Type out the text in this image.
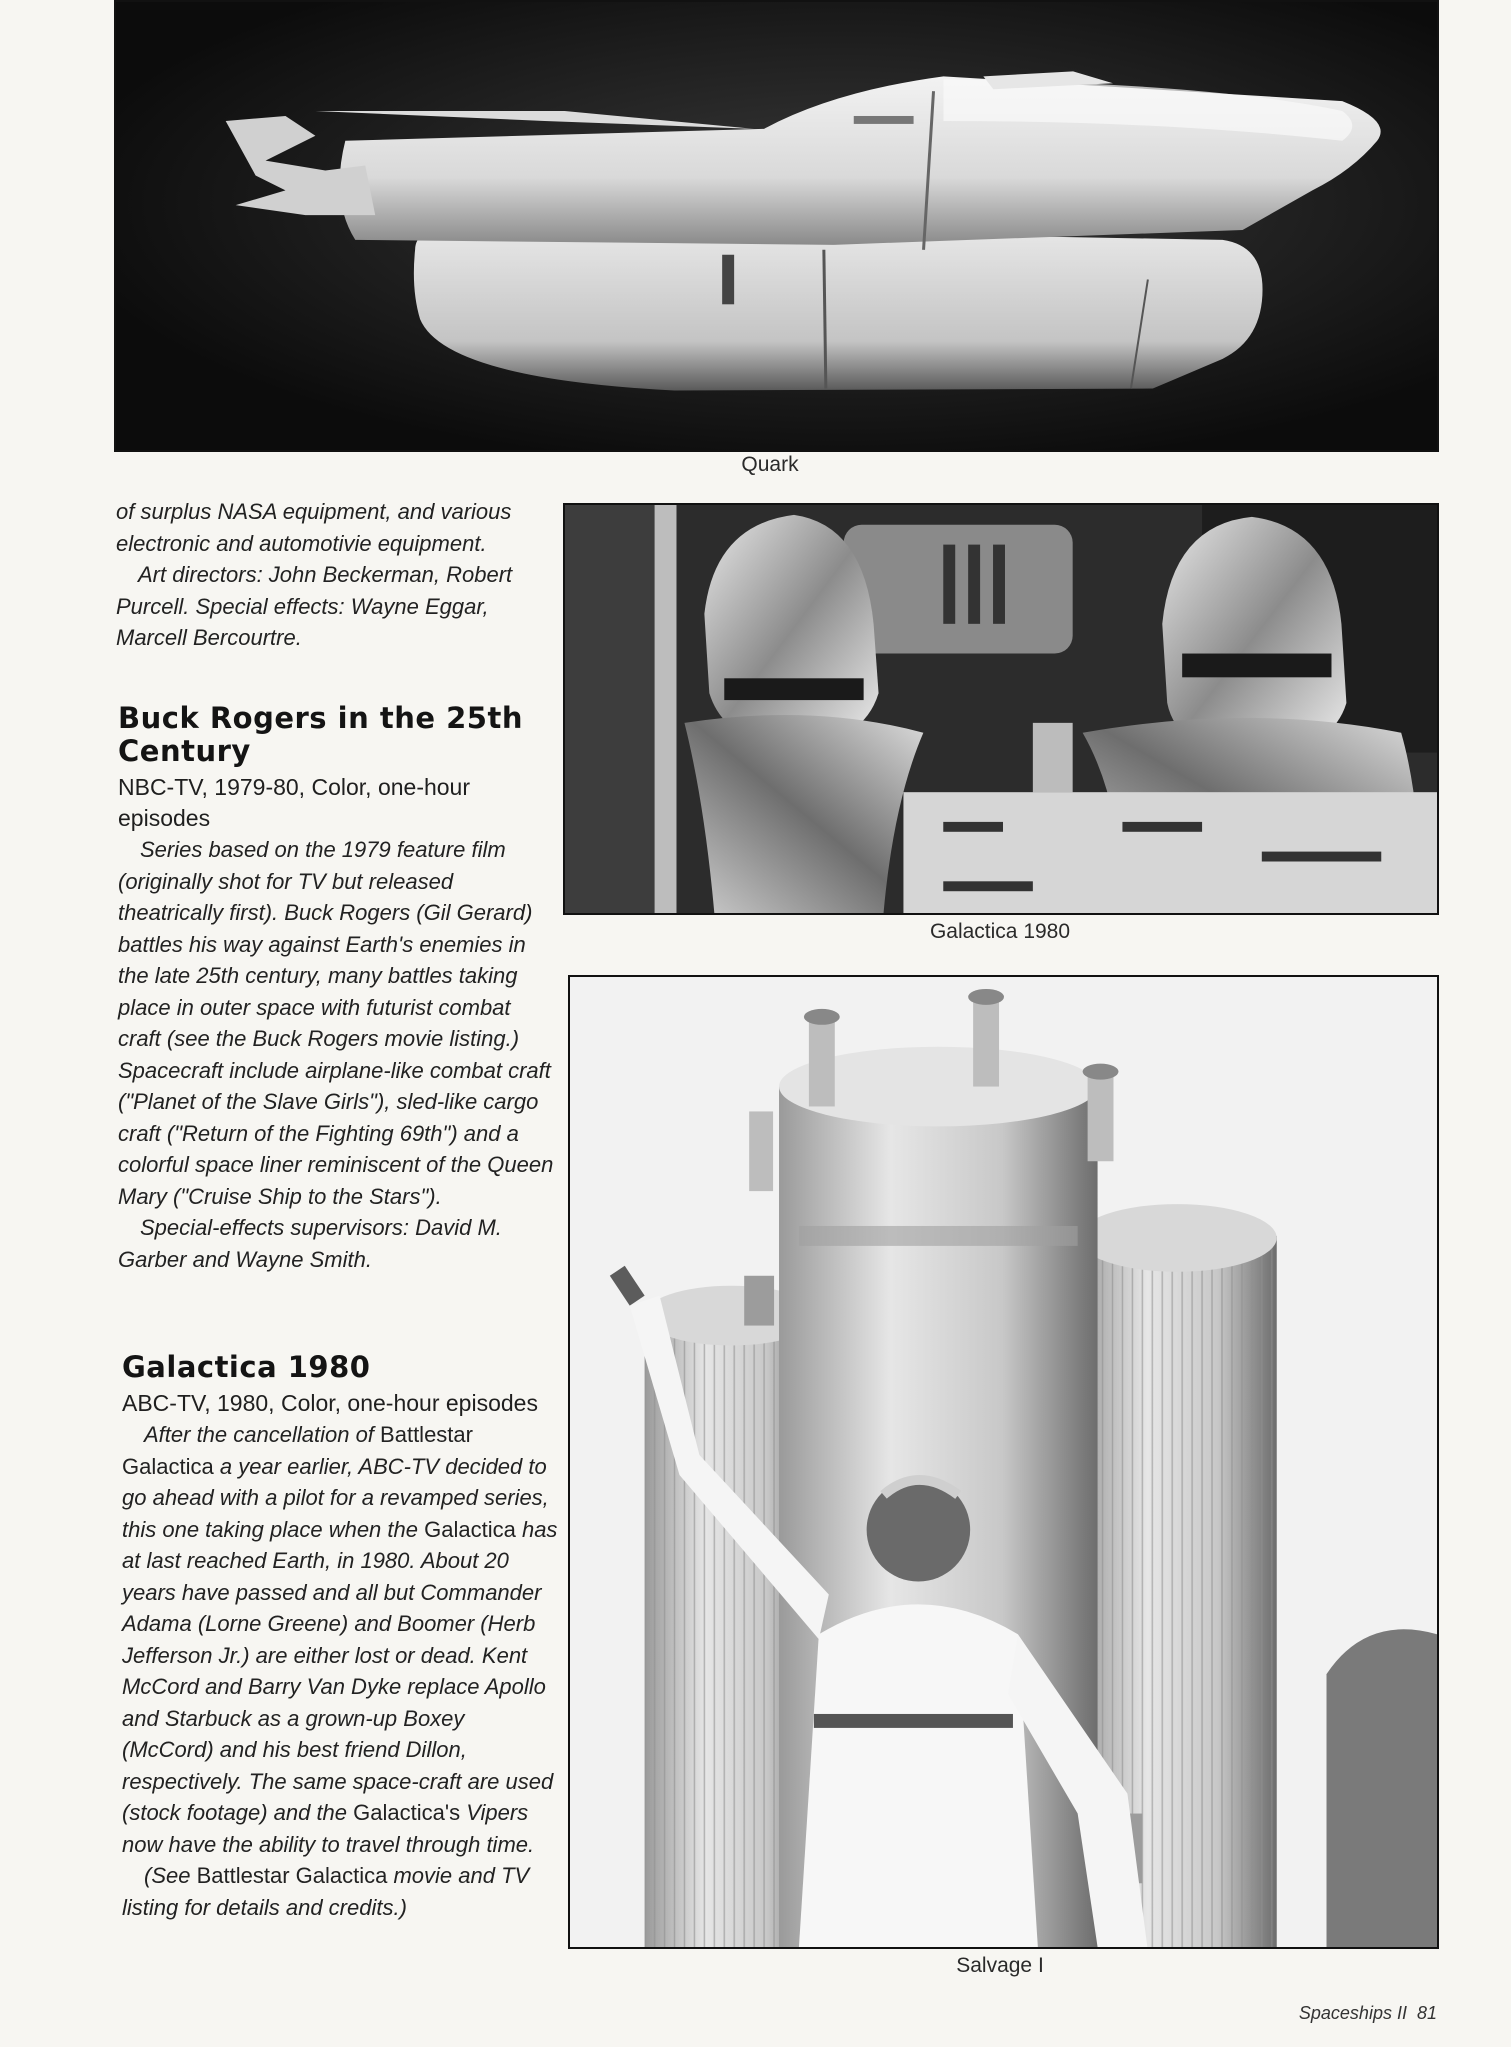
Quark
Galactica 1980
Salvage I

of surplus NASA equipment, and various electronic and automotivie equipment.

Art directors: John Beckerman, Robert Purcell. Special effects: Wayne Eggar, Marcell Bercourtre.

Buck Rogers in the 25th Century

NBC-TV, 1979-80, Color, one-hour episodes

Series based on the 1979 feature film (originally shot for TV but released theatrically first). Buck Rogers (Gil Gerard) battles his way against Earth's enemies in the late 25th century, many battles taking place in outer space with futurist combat craft (see the Buck Rogers movie listing.) Spacecraft include airplane-like combat craft ("Planet of the Slave Girls"), sled-like cargo craft ("Return of the Fighting 69th") and a colorful space liner reminiscent of the Queen Mary ("Cruise Ship to the Stars").

Special-effects supervisors: David M. Garber and Wayne Smith.

Galactica 1980

ABC-TV, 1980, Color, one-hour episodes

After the cancellation of Battlestar Galactica a year earlier, ABC-TV decided to go ahead with a pilot for a revamped series, this one taking place when the Galactica has at last reached Earth, in 1980. About 20 years have passed and all but Commander Adama (Lorne Greene) and Boomer (Herb Jefferson Jr.) are either lost or dead. Kent McCord and Barry Van Dyke replace Apollo and Starbuck as a grown-up Boxey (McCord) and his best friend Dillon, respectively. The same space-craft are used (stock footage) and the Galactica's Vipers now have the ability to travel through time.

(See Battlestar Galactica movie and TV listing for details and credits.)

Spaceships II 81
